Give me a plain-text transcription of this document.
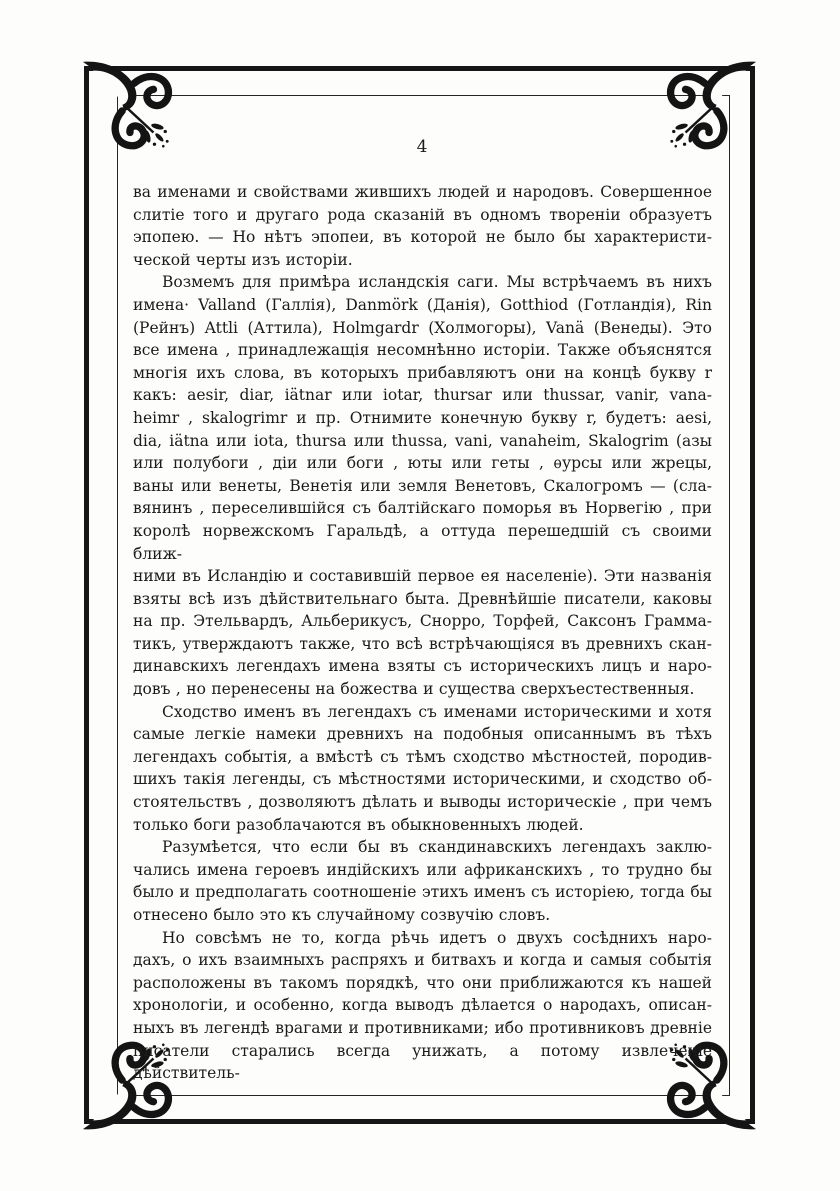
4
ва именами и свойствами жившихъ людей и народовъ. Совершенное
слитіе того и другаго рода сказаній въ одномъ твореніи образуетъ
эпопею. — Но нѣтъ эпопеи, въ которой не было бы характеристи-
ческой черты изъ исторіи.
Возмемъ для примѣра исландскія саги. Мы встрѣчаемъ въ нихъ
имена· Valland (Галлія), Danmörk (Данія), Gotthiod (Готландія), Rin
(Рейнъ) Attli (Аттила), Holmgardr (Холмогоры), Vanä (Венеды). Это
все имена , принадлежащія несомнѣнно исторіи. Также объяснятся
многія ихъ слова, въ которыхъ прибавляютъ они на концѣ букву r
какъ: aesir, diar, iätnar или iotar, thursar или thussar, vanir, vana-
heimr , skalogrimr и пр. Отнимите конечную букву r, будетъ: aesi,
dia, iätna или iota, thursa или thussa, vani, vanaheim, Skalogrim (азы
или полубоги , діи или боги , юты или геты , ѳурсы или жрецы,
ваны или венеты, Венетія или земля Венетовъ, Скалогромъ — (сла-
вянинъ , переселившійся съ балтійскаго поморья въ Норвегію , при
королѣ норвежскомъ Гаральдѣ, а оттуда перешедшій съ своими ближ-
ними въ Исландію и составившій первое ея населеніе). Эти названія
взяты всѣ изъ дѣйствительнаго быта. Древнѣйшіе писатели, каковы
на пр. Этельвардъ, Альберикусъ, Снорро, Торфей, Саксонъ Грамма-
тикъ, утверждаютъ также, что всѣ встрѣчающіяся въ древнихъ скан-
динавскихъ легендахъ имена взяты съ историческихъ лицъ и наро-
довъ , но перенесены на божества и существа сверхъестественныя.
Сходство именъ въ легендахъ съ именами историческими и хотя
самые легкіе намеки древнихъ на подобныя описаннымъ въ тѣхъ
легендахъ событія, а вмѣстѣ съ тѣмъ сходство мѣстностей, породив-
шихъ такія легенды, съ мѣстностями историческими, и сходство об-
стоятельствъ , дозволяютъ дѣлать и выводы историческіе , при чемъ
только боги разоблачаются въ обыкновенныхъ людей.
Разумѣется, что если бы въ скандинавскихъ легендахъ заклю-
чались имена героевъ индійскихъ или африканскихъ , то трудно бы
было и предполагать соотношеніе этихъ именъ съ исторіею, тогда бы
отнесено было это къ случайному созвучію словъ.
Но совсѣмъ не то, когда рѣчь идетъ о двухъ сосѣднихъ наро-
дахъ, о ихъ взаимныхъ распряхъ и битвахъ и когда и самыя событія
расположены въ такомъ порядкѣ, что они приближаются къ нашей
хронологіи, и особенно, когда выводъ дѣлается о народахъ, описан-
ныхъ въ легендѣ врагами и противниками; ибо противниковъ древніе
писатели старались всегда унижать, а потому извлеченіе дѣйствитель-
